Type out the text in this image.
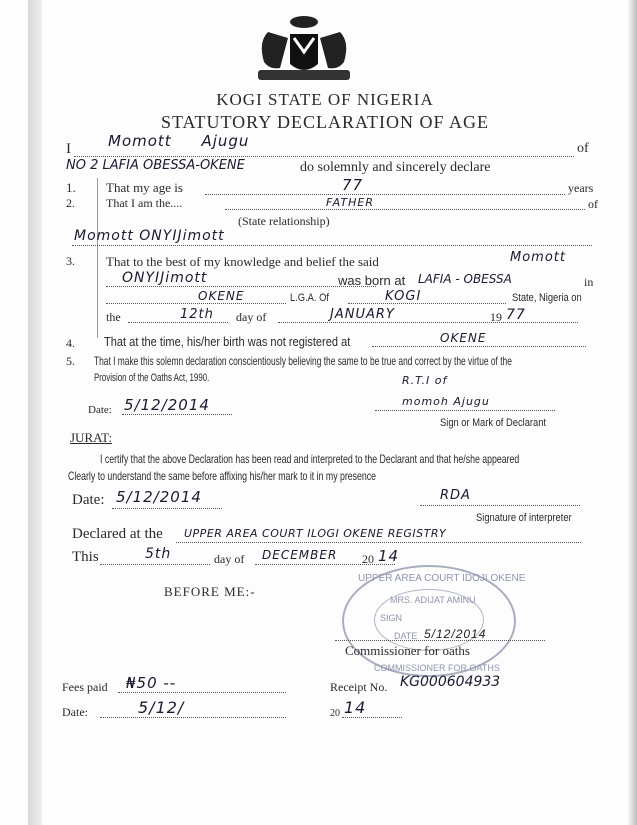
KOGI STATE OF NIGERIA
STATUTORY DECLARATION OF AGE
I Momott Ajugu	of
NO 2 LAFIA OBESSA-OKENE	do solemnly and sincerely declare
1. That my age is	77	years
2.	That I am the....	FATHER	of
(State relationship)
Momott ONYIJimott
3. That to the best of my knowledge and belief the said	Momott
ONYIJimott	was born at LAFIA - OBESSA	in
OKENE	L.G.A. Of	KOGI	State, Nigeria on
the	12th day of	JANUARY	19 77
4. That at the time, his/her birth was not registered at	OKENE
5. That I make this solemn declaration conscientiously believing the same to be true and correct by the virtue of the
Provision of the Oaths Act, 1990.	R.T.I of
Date: 5/12/2014	momoh Ajugu
Sign or Mark of Declarant
JURAT:
I certify that the above Declaration has been read and interpreted to the Declarant and that he/she appeared
Clearly to understand the same before affixing his/her mark to it in my presence
Date: 5/12/2014	RDA
Signature of interpreter
Declared at the UPPER AREA COURT ILOGI OKENE REGISTRY
This	5th	day of DECEMBER 20 14
BEFORE ME:-
UPPER AREA COURT IDOJI OKENE
MRS. ADIJAT AMINU
SIGN
DATE 5/12/2014
COMMISSIONER FOR OATHS
Commissioner for oaths
Fees paid ₦50 --	Receipt No. KG000604933
Date:	5/12/	20 14
